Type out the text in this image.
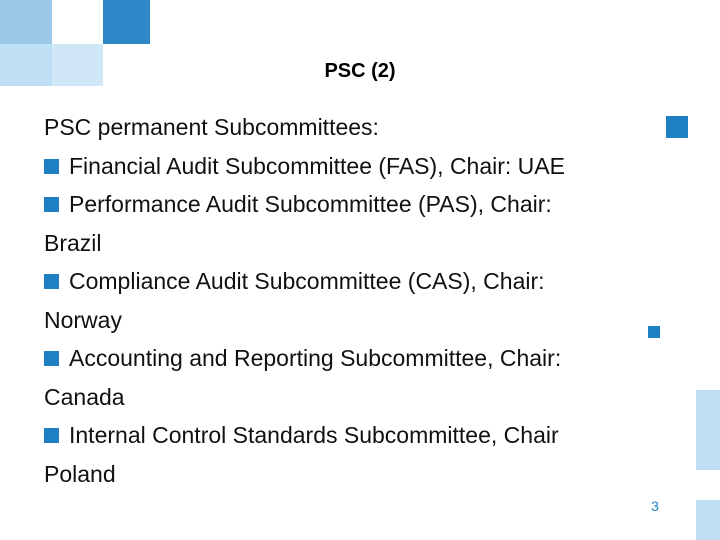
PSC (2)

PSC permanent Subcommittees:

Financial Audit Subcommittee (FAS), Chair: UAE

Performance Audit Subcommittee (PAS), Chair:

Brazil

Compliance Audit Subcommittee (CAS), Chair:

Norway

Accounting and Reporting Subcommittee, Chair:

Canada

Internal Control Standards Subcommittee, Chair

Poland

3
